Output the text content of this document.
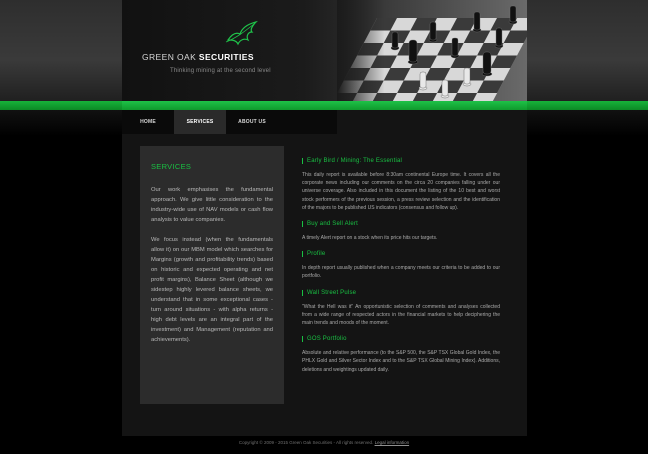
GREEN OAK SECURITIES
Thinking mining at the second level
HOME	SERVICES	ABOUT US
SERVICES

Our work emphasises the fundamental approach. We give little consideration to the industry-wide use of NAV models or cash flow analysis to value companies.

We focus instead (when the fundamentals allow it) on our MBM model which searches for Margins (growth and profitability trends) based on historic and expected operating and net profit margins), Balance Sheet (although we sidestep highly levered balance sheets, we understand that in some exceptional cases - turn around situations - with alpha returns - high debt levels are an integral part of the investment) and Management (reputation and achievements).

Early Bird / Mining: The Essential

This daily report is available before 8:30am continental Europe time. It covers all the corporate news including our comments on the circa 20 companies falling under our universe coverage. Also included in this document the listing of the 10 best and worst stock performers of the previous session, a press review selection and the identification of the majors to be published US indicators (consensus and follow up).

Buy and Sell Alert

A timely Alert report on a stock when its price hits our targets.

Profile

In depth report usually published when a company meets our criteria to be added to our portfolio.

Wall Street Pulse

"What the Hell was it" An opportunistic selection of comments and analyses collected from a wide range of respected actors in the financial markets to help deciphering the main trends and moods of the moment.

GOS Portfolio

Absolute and relative performance (to the S&P 500, the S&P TSX Global Gold Index, the PHLX Gold and Silver Sector Index and to the S&P TSX Global Mining Index). Additions, deletions and weightings updated daily.

Copyright © 2009 - 2015 Green Oak Securities - All rights reserved. Legal information
